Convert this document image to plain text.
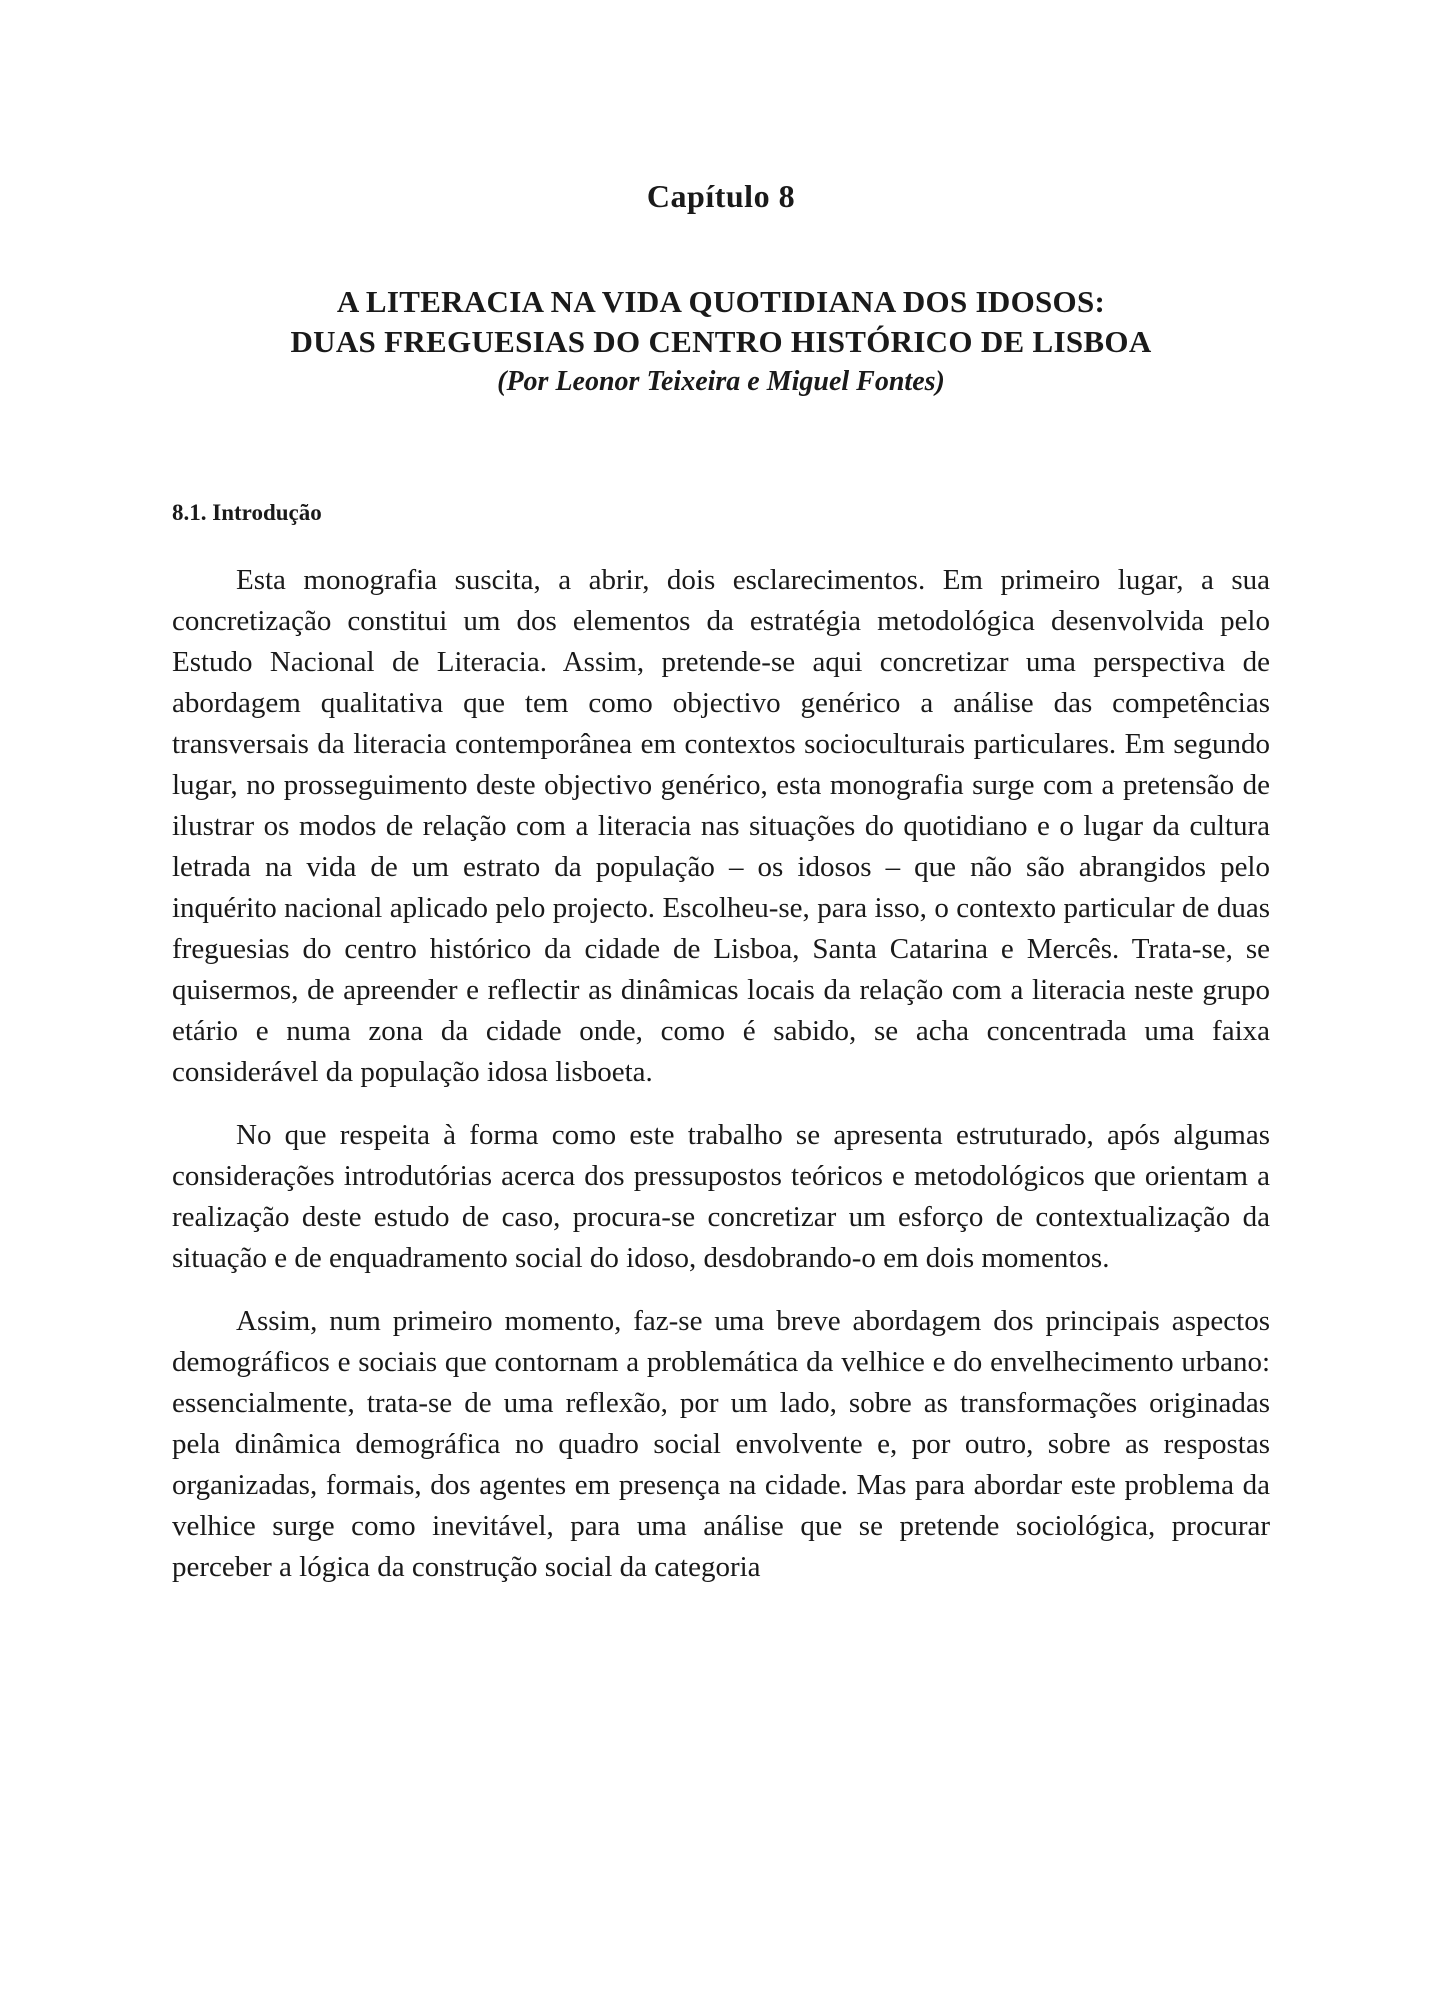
Capítulo 8
A LITERACIA NA VIDA QUOTIDIANA DOS IDOSOS:
DUAS FREGUESIAS DO CENTRO HISTÓRICO DE LISBOA

(Por Leonor Teixeira e Miguel Fontes)

8.1. Introdução

Esta monografia suscita, a abrir, dois esclarecimentos. Em primeiro lugar, a sua concretização constitui um dos elementos da estratégia metodológica desenvolvida pelo Estudo Nacional de Literacia. Assim, pretende-se aqui concretizar uma perspectiva de abordagem qualitativa que tem como objectivo genérico a análise das competências transversais da literacia contemporânea em contextos socioculturais particulares. Em segundo lugar, no prosseguimento deste objectivo genérico, esta monografia surge com a pretensão de ilustrar os modos de relação com a literacia nas situações do quotidiano e o lugar da cultura letrada na vida de um estrato da população – os idosos – que não são abrangidos pelo inquérito nacional aplicado pelo projecto. Escolheu-se, para isso, o contexto particular de duas freguesias do centro histórico da cidade de Lisboa, Santa Catarina e Mercês. Trata-se, se quisermos, de apreender e reflectir as dinâmicas locais da relação com a literacia neste grupo etário e numa zona da cidade onde, como é sabido, se acha concentrada uma faixa considerável da população idosa lisboeta.

No que respeita à forma como este trabalho se apresenta estruturado, após algumas considerações introdutórias acerca dos pressupostos teóricos e metodológicos que orientam a realização deste estudo de caso, procura-se concretizar um esforço de contextualização da situação e de enquadramento social do idoso, desdobrando-o em dois momentos.

Assim, num primeiro momento, faz-se uma breve abordagem dos principais aspectos demográficos e sociais que contornam a problemática da velhice e do envelhecimento urbano: essencialmente, trata-se de uma reflexão, por um lado, sobre as transformações originadas pela dinâmica demográfica no quadro social envolvente e, por outro, sobre as respostas organizadas, formais, dos agentes em presença na cidade. Mas para abordar este problema da velhice surge como inevitável, para uma análise que se pretende sociológica, procurar perceber a lógica da construção social da categoria
